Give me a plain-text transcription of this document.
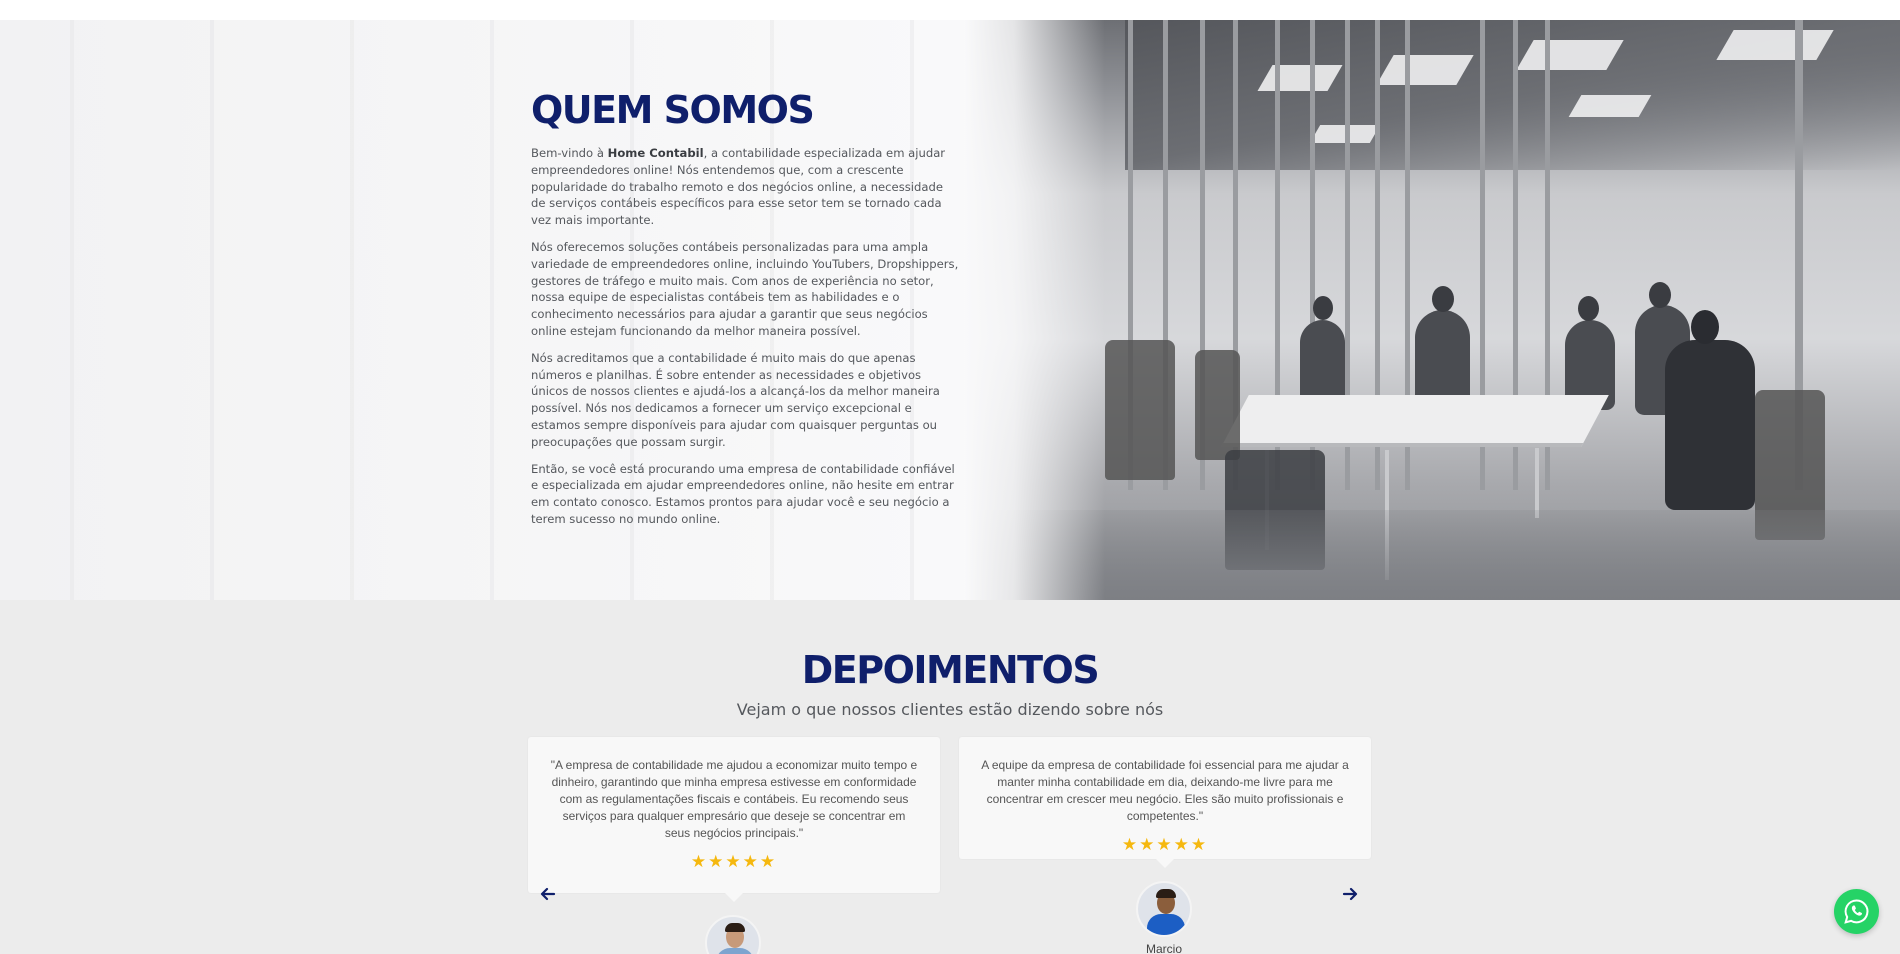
QUEM SOMOS

Bem-vindo à Home Contabil, a contabilidade especializada em ajudar empreendedores online! Nós entendemos que, com a crescente popularidade do trabalho remoto e dos negócios online, a necessidade de serviços contábeis específicos para esse setor tem se tornado cada vez mais importante.

Nós oferecemos soluções contábeis personalizadas para uma ampla variedade de empreendedores online, incluindo YouTubers, Dropshippers, gestores de tráfego e muito mais. Com anos de experiência no setor, nossa equipe de especialistas contábeis tem as habilidades e o conhecimento necessários para ajudar a garantir que seus negócios online estejam funcionando da melhor maneira possível.

Nós acreditamos que a contabilidade é muito mais do que apenas números e planilhas. É sobre entender as necessidades e objetivos únicos de nossos clientes e ajudá-los a alcançá-los da melhor maneira possível. Nós nos dedicamos a fornecer um serviço excepcional e estamos sempre disponíveis para ajudar com quaisquer perguntas ou preocupações que possam surgir.

Então, se você está procurando uma empresa de contabilidade confiável e especializada em ajudar empreendedores online, não hesite em entrar em contato conosco. Estamos prontos para ajudar você e seu negócio a terem sucesso no mundo online.

DEPOIMENTOS
Vejam o que nossos clientes estão dizendo sobre nós
"A empresa de contabilidade me ajudou a economizar muito tempo e dinheiro, garantindo que minha empresa estivesse em conformidade com as regulamentações fiscais e contábeis. Eu recomendo seus serviços para qualquer empresário que deseje se concentrar em seus negócios principais."
★★★★★
A equipe da empresa de contabilidade foi essencial para me ajudar a manter minha contabilidade em dia, deixando-me livre para me concentrar em crescer meu negócio. Eles são muito profissionais e competentes."
★★★★★
Marcio
